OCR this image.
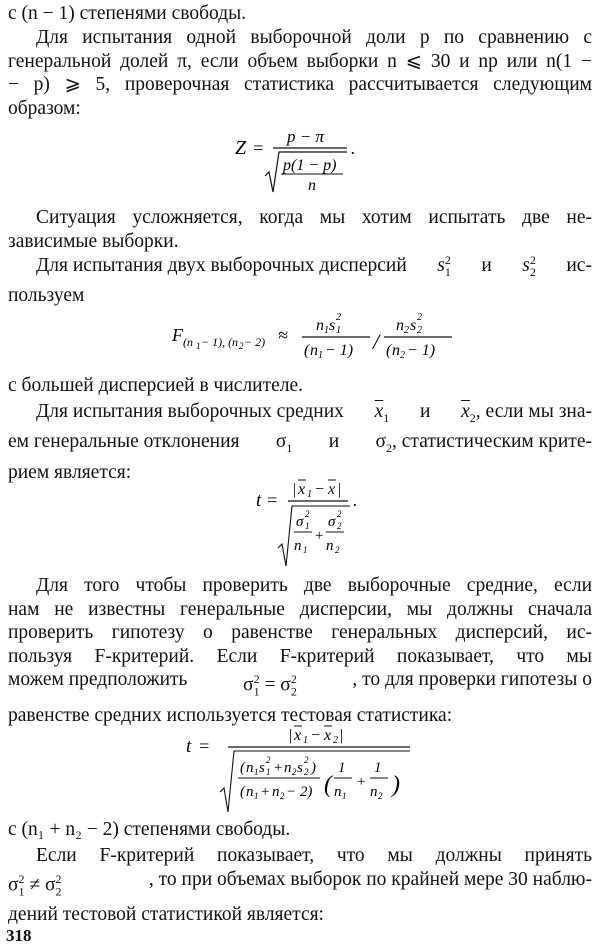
с (n − 1) степенями свободы.
Для испытания одной выборочной доли p по сравнению с
генеральной долей π, если объем выборки n ⩽ 30 и np или n(1 −
− p) ⩾ 5, проверочная статистика рассчитывается следующим
образом:
Z =
p − π
p(1 − p)
n
.
Ситуация усложняется, когда мы хотим испытать две не-
зависимые выборки.
Для испытания двух выборочных дисперсий $s_1$
2 и $s_2$
2 ис-
пользуем
F (n 1 − 1), ( n 2 − 2) ≈ n 1 s 1
2
( n 1 − 1) /
n 2 s 2
2
( n 2 − 1)
с большей дисперсией в числителе.
Для испытания выборочных средних $\overline{x}_1$ и $\overline{x}_2$ , если мы зна-
ем генеральные отклонения $\sigma_1$ и $\sigma_2$ , статистическим крите-
рием является:
t =
| x 1 − x |
σ 1
2
n 1
+
σ 2
2
n 2
.
Для того чтобы проверить две выборочные средние, если
нам не известны генеральные дисперсии, мы должны сначала
проверить гипотезу о равенстве генеральных дисперсий, ис-
пользуя F-критерий. Если F-критерий показывает, что мы
можем предположить	$\sigma_1^2 = \sigma_2^2$	, то для проверки гипотезы о
равенстве средних используется тестовая статистика:
t =
| x 1 − x 2 |
( n 1 s 1
2 + n 2 s 2
2 )
( n 1 + n 2 − 2) (
1
n 1
+
1
n 2 )
с (n₁ + n₂ − 2) степенями свободы.
Если F-критерий показывает, что мы должны принять
$\sigma_1^2 \ne \sigma_2^2$	, то при объемах выборок по крайней мере 30 наблю-
дений тестовой статистикой является:
318
